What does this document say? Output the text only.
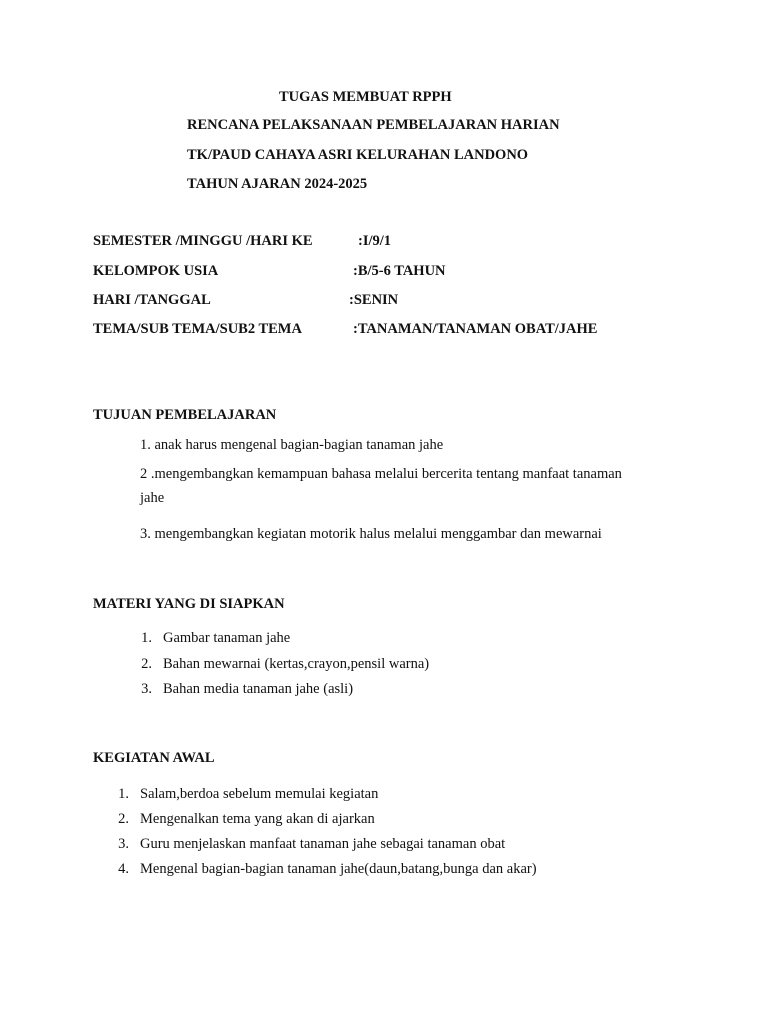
TUGAS MEMBUAT RPPH
RENCANA PELAKSANAAN PEMBELAJARAN HARIAN
TK/PAUD CAHAYA ASRI KELURAHAN LANDONO
TAHUN AJARAN 2024-2025
SEMESTER /MINGGU /HARI KE	:I/9/1
KELOMPOK USIA	:B/5-6 TAHUN
HARI /TANGGAL	:SENIN
TEMA/SUB TEMA/SUB2 TEMA	:TANAMAN/TANAMAN OBAT/JAHE
TUJUAN PEMBELAJARAN
1. anak harus mengenal bagian-bagian tanaman jahe
2 .mengembangkan kemampuan bahasa melalui bercerita tentang manfaat tanaman
jahe
3. mengembangkan kegiatan motorik halus melalui menggambar dan mewarnai
MATERI YANG DI SIAPKAN
1. Gambar tanaman jahe
2. Bahan mewarnai (kertas,crayon,pensil warna)
3. Bahan media tanaman jahe (asli)
KEGIATAN AWAL
1. Salam,berdoa sebelum memulai kegiatan
2. Mengenalkan tema yang akan di ajarkan
3. Guru menjelaskan manfaat tanaman jahe sebagai tanaman obat
4. Mengenal bagian-bagian tanaman jahe(daun,batang,bunga dan akar)
